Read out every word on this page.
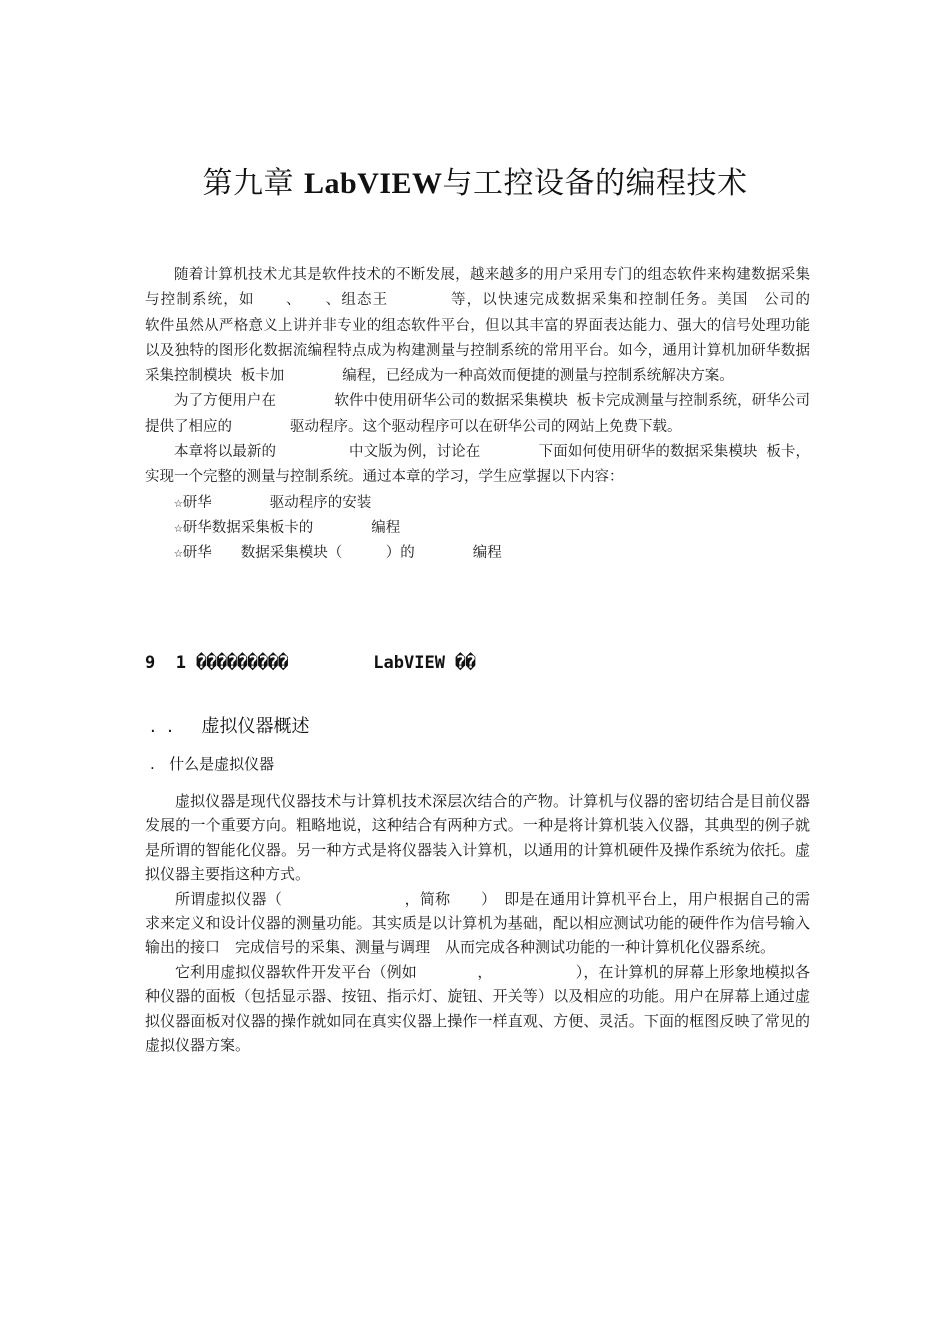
第九章 LabVIEW与工控设备的编程技术

随着计算机技术尤其是软件技术的不断发展，越来越多的用户采用专门的组态软件来构建数据采集与控制系统，如　　、　　、组态王　　　　等，以快速完成数据采集和控制任务。美国　公司的　　　　软件虽然从严格意义上讲并非专业的组态软件平台，但以其丰富的界面表达能力、强大的信号处理功能以及独特的图形化数据流编程特点成为构建测量与控制系统的常用平台。如今，通用计算机加研华数据采集控制模块 板卡加　　　　编程，已经成为一种高效而便捷的测量与控制系统解决方案。

为了方便用户在　　　　软件中使用研华公司的数据采集模块 板卡完成测量与控制系统，研华公司提供了相应的　　　　驱动程序。这个驱动程序可以在研华公司的网站上免费下载。

本章将以最新的　　　　　中文版为例，讨论在　　　　下面如何使用研华的数据采集模块 板卡，实现一个完整的测量与控制系统。通过本章的学习，学生应掌握以下内容：

☆研华　　　　驱动程序的安装

☆研华数据采集板卡的　　　　编程

☆研华　　数据采集模块（　　　）的　　　　编程

9  1 ���������　　　　　LabVIEW ��
.  .     虚拟仪器概述
.   什么是虚拟仪器

虚拟仪器是现代仪器技术与计算机技术深层次结合的产物。计算机与仪器的密切结合是目前仪器发展的一个重要方向。粗略地说，这种结合有两种方式。一种是将计算机装入仪器，其典型的例子就是所谓的智能化仪器。另一种方式是将仪器装入计算机，以通用的计算机硬件及操作系统为依托。虚拟仪器主要指这种方式。

所谓虚拟仪器（　　　　　　　　，简称　　）　即是在通用计算机平台上，用户根据自己的需求来定义和设计仪器的测量功能。其实质是以计算机为基础，配以相应测试功能的硬件作为信号输入输出的接口　完成信号的采集、测量与调理　从而完成各种测试功能的一种计算机化仪器系统。

它利用虚拟仪器软件开发平台（例如　　　　，　　　　　　），在计算机的屏幕上形象地模拟各种仪器的面板（包括显示器、按钮、指示灯、旋钮、开关等）以及相应的功能。用户在屏幕上通过虚拟仪器面板对仪器的操作就如同在真实仪器上操作一样直观、方便、灵活。下面的框图反映了常见的虚拟仪器方案。
